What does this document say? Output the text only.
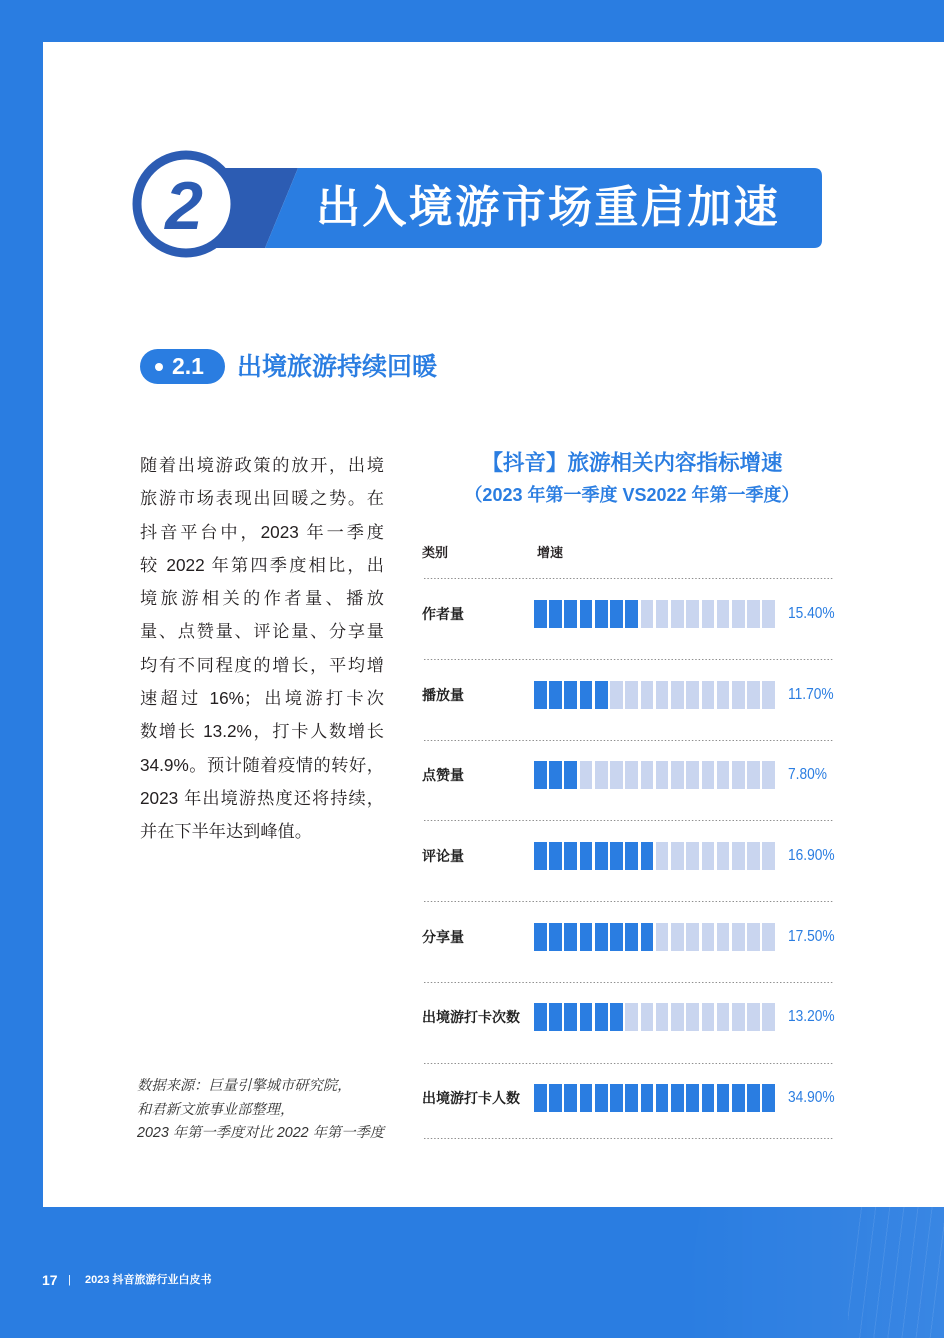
2	出入境游市场重启加速
2.1 出境旅游持续回暖
随着出境游政策的放开，出境
旅游市场表现出回暖之势。在
抖音平台中，2023 年一季度
较 2022 年第四季度相比，出
境旅游相关的作者量、播放
量、点赞量、评论量、分享量
均有不同程度的增长，平均增
速超过 16%；出境游打卡次
数增长 13.2%，打卡人数增长
34.9%。预计随着疫情的转好，
2023 年出境游热度还将持续，
并在下半年达到峰值。
数据来源：巨量引擎城市研究院，
和君新文旅事业部整理，
2023 年第一季度对比 2022 年第一季度
【抖音】旅游相关内容指标增速
（2023 年第一季度 VS2022 年第一季度）
类别	增速
作者量	15.40%
播放量	11.70%
点赞量	7.80%
评论量	16.90%
分享量	17.50%
出境游打卡次数	13.20%
出境游打卡人数	34.90%
17 | 2023 抖音旅游行业白皮书
